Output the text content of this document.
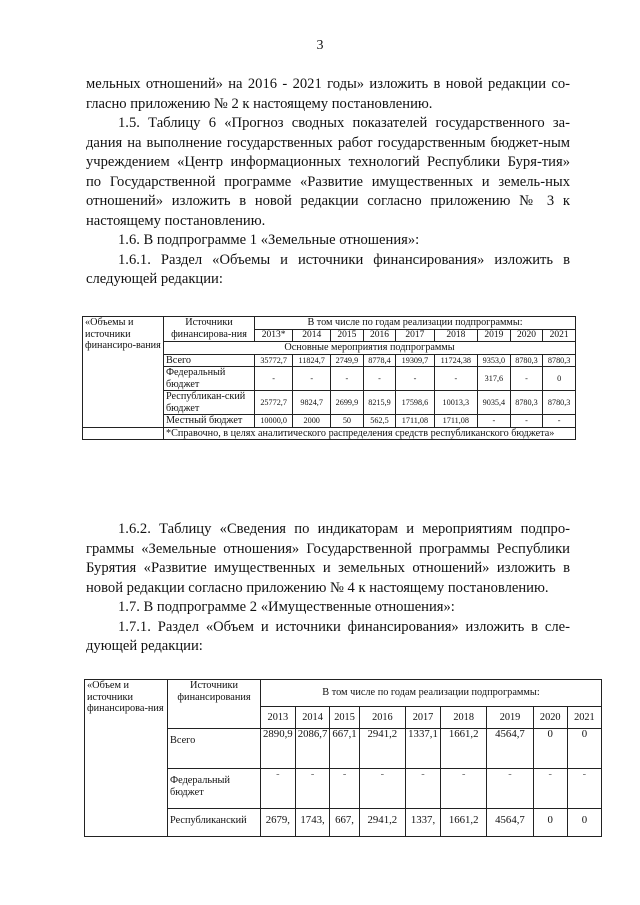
3

мельных отношений» на 2016 - 2021 годы» изложить в новой редакции со-гласно приложению № 2 к настоящему постановлению.

1.5. Таблицу 6 «Прогноз сводных показателей государственного за-дания на выполнение государственных работ государственным бюджет-ным учреждением «Центр информационных технологий Республики Буря-тия» по Государственной программе «Развитие имущественных и земель-ных отношений» изложить в новой редакции согласно приложению № 3 к настоящему постановлению.

1.6. В подпрограмме 1 «Земельные отношения»:

1.6.1. Раздел «Объемы и источники финансирования» изложить в следующей редакции:

«Объемы и источники финансиро-вания	Источники финансирова-ния	В том числе по годам реализации подпрограммы:								
		2013*	2014	2015	2016	2017	2018	2019	2020	2021
	Основные мероприятия подпрограммы									
	Всего	35772,7	11824,7	2749,9	8778,4	19309,7	11724,38	9353,0	8780,3	8780,3
	Федеральный бюджет	-	-	-	-	-	-	317,6	-	0
	Республикан-ский бюджет	25772,7	9824,7	2699,9	8215,9	17598,6	10013,3	9035,4	8780,3	8780,3
	Местный бюджет	10000,0	2000	50	562,5	1711,08	1711,08	-	-	-
	*Справочно, в целях аналитического распределения средств республиканского бюджета»									

1.6.2. Таблицу «Сведения по индикаторам и мероприятиям подпро-граммы «Земельные отношения» Государственной программы Республики Бурятия «Развитие имущественных и земельных отношений» изложить в новой редакции согласно приложению № 4 к настоящему постановлению.

1.7. В подпрограмме 2 «Имущественные отношения»:

1.7.1. Раздел «Объем и источники финансирования» изложить в сле-дующей редакции:

«Объем и источники финансирова-ния	Источники финансирования	В том числе по годам реализации подпрограммы:								
		2013	2014	2015	2016	2017	2018	2019	2020	2021
	Всего	2890,9	2086,7	667,1	2941,2	1337,1	1661,2	4564,7	0	0
	Федеральный бюджет	-	-	-	-	-	-	-	-	-
	Республиканский	2679,	1743,	667,	2941,2	1337,	1661,2	4564,7	0	0
